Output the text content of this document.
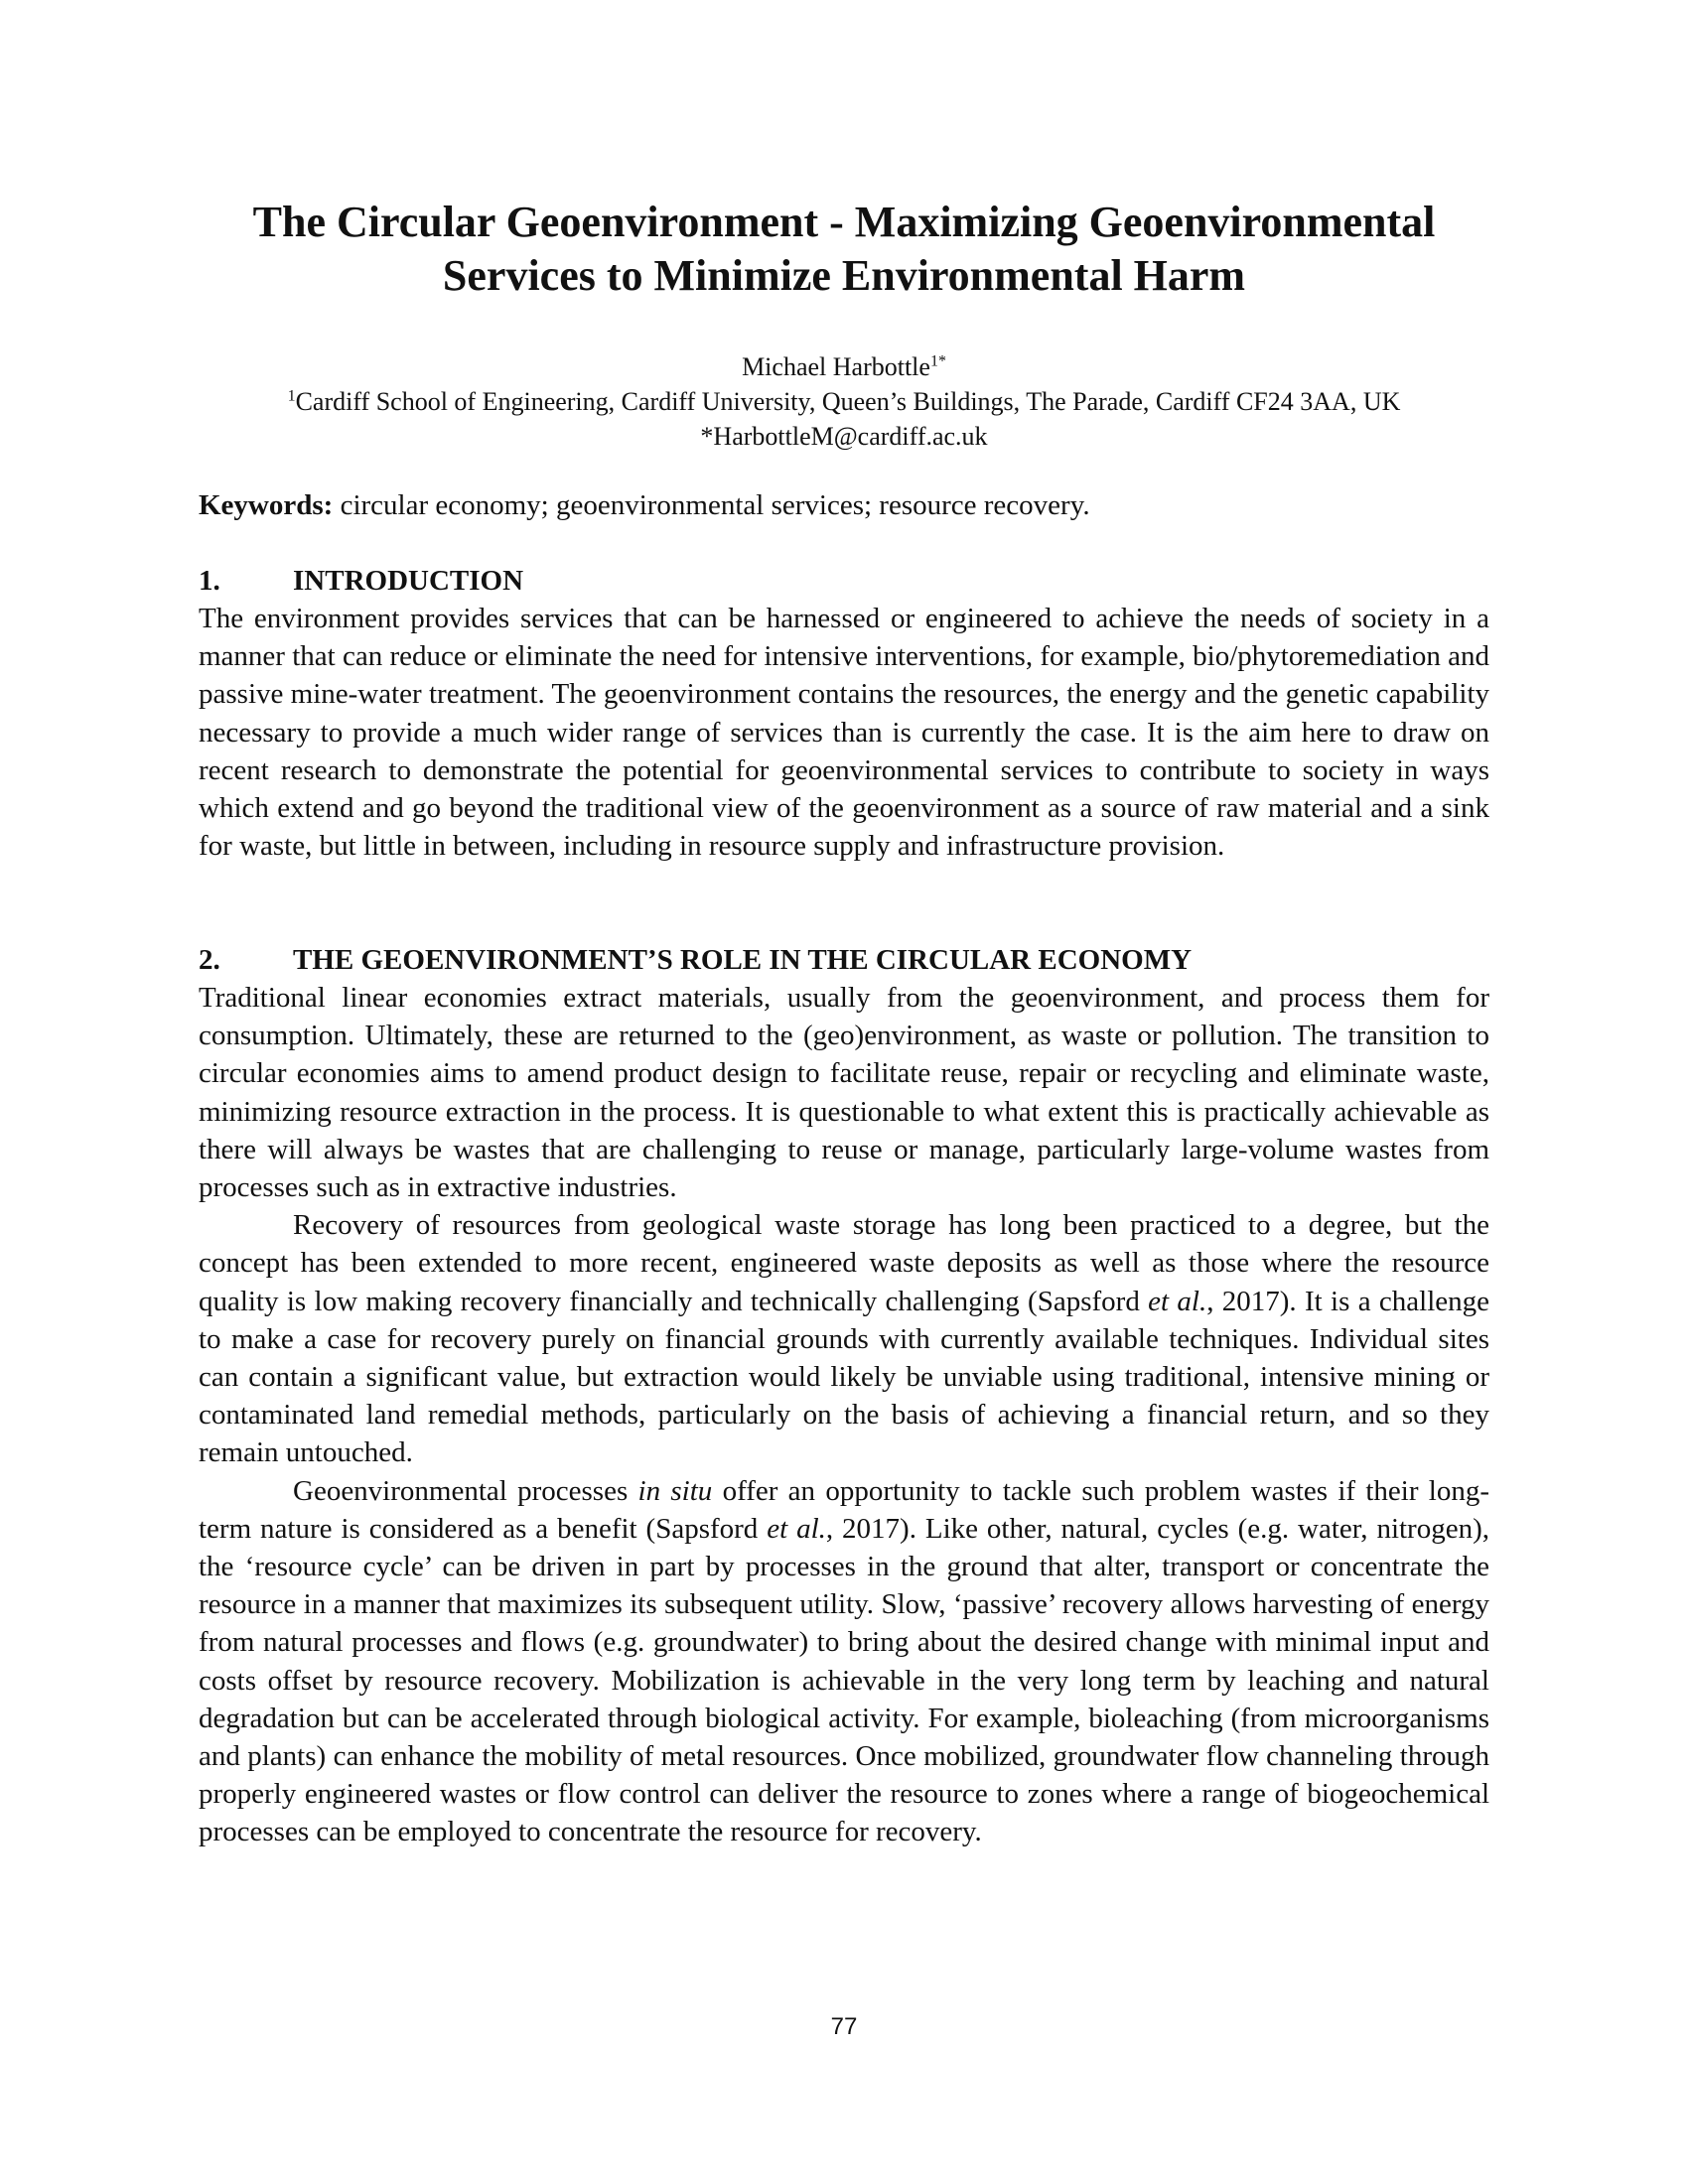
The Circular Geoenvironment - Maximizing Geoenvironmental
Services to Minimize Environmental Harm
Michael Harbottle$^{1*}$
$^1$Cardiff School of Engineering, Cardiff University, Queen’s Buildings, The Parade, Cardiff CF24 3AA, UK
*HarbottleM@cardiff.ac.uk

Keywords: circular economy; geoenvironmental services; resource recovery.

1.	INTRODUCTION

The environment provides services that can be harnessed or engineered to achieve the needs of society in a manner that can reduce or eliminate the need for intensive interventions, for example, bio/phytoremediation and passive mine-water treatment. The geoenvironment contains the resources, the energy and the genetic capability necessary to provide a much wider range of services than is currently the case. It is the aim here to draw on recent research to demonstrate the potential for geoenvironmental services to contribute to society in ways which extend and go beyond the traditional view of the geoenvironment as a source of raw material and a sink for waste, but little in between, including in resource supply and infrastructure provision.

2.	THE GEOENVIRONMENT’S ROLE IN THE CIRCULAR ECONOMY

Traditional linear economies extract materials, usually from the geoenvironment, and process them for consumption. Ultimately, these are returned to the (geo)environment, as waste or pollution. The transition to circular economies aims to amend product design to facilitate reuse, repair or recycling and eliminate waste, minimizing resource extraction in the process. It is questionable to what extent this is practically achievable as there will always be wastes that are challenging to reuse or manage, particularly large-volume wastes from processes such as in extractive industries.

Recovery of resources from geological waste storage has long been practiced to a degree, but the concept has been extended to more recent, engineered waste deposits as well as those where the resource quality is low making recovery financially and technically challenging (Sapsford et al., 2017). It is a challenge to make a case for recovery purely on financial grounds with currently available techniques. Individual sites can contain a significant value, but extraction would likely be unviable using traditional, intensive mining or contaminated land remedial methods, particularly on the basis of achieving a financial return, and so they remain untouched.

Geoenvironmental processes in situ offer an opportunity to tackle such problem wastes if their long-term nature is considered as a benefit (Sapsford et al., 2017). Like other, natural, cycles (e.g. water, nitrogen), the ‘resource cycle’ can be driven in part by processes in the ground that alter, transport or concentrate the resource in a manner that maximizes its subsequent utility. Slow, ‘passive’ recovery allows harvesting of energy from natural processes and flows (e.g. groundwater) to bring about the desired change with minimal input and costs offset by resource recovery. Mobilization is achievable in the very long term by leaching and natural degradation but can be accelerated through biological activity. For example, bioleaching (from microorganisms and plants) can enhance the mobility of metal resources. Once mobilized, groundwater flow channeling through properly engineered wastes or flow control can deliver the resource to zones where a range of biogeochemical processes can be employed to concentrate the resource for recovery.

77
